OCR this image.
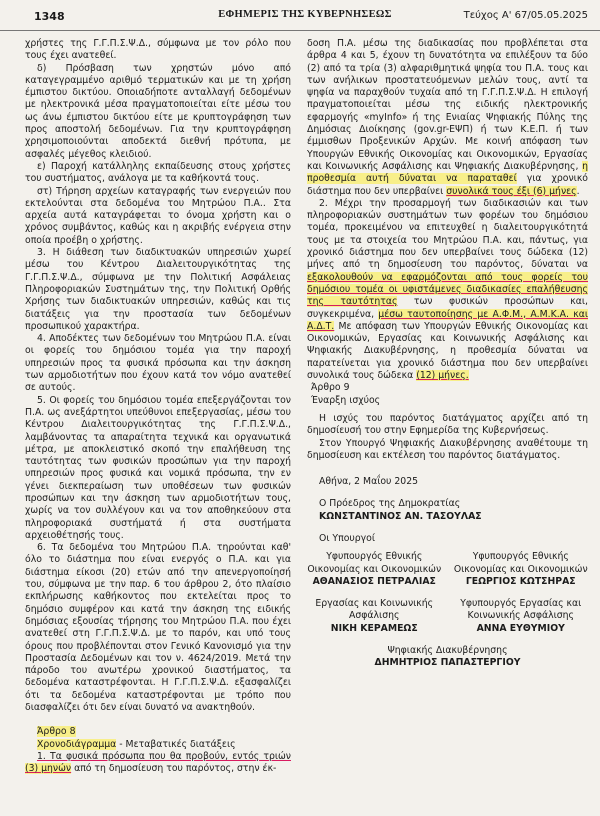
1348	ΕΦΗΜΕΡΙΣ ΤΗΣ ΚΥΒΕΡΝΗΣΕΩΣ	Τεύχος Α' 67/05.05.2025

χρήστες της Γ.Γ.Π.Σ.Ψ.Δ., σύμφωνα με τον ρόλο που τους έχει ανατεθεί.

δ) Πρόσβαση των χρηστών μόνο από καταγεγραμμένο αριθμό τερματικών και με τη χρήση έμπιστου δικτύου. Οποιαδήποτε ανταλλαγή δεδομένων με ηλεκτρονικά μέσα πραγματοποιείται είτε μέσω του ως άνω έμπιστου δικτύου είτε με κρυπτογράφηση των προς αποστολή δεδομένων. Για την κρυπτογράφηση χρησιμοποιούνται αποδεκτά διεθνή πρότυπα, με ασφαλές μέγεθος κλειδιού.

ε) Παροχή κατάλληλης εκπαίδευσης στους χρήστες του συστήματος, ανάλογα με τα καθήκοντά τους.

στ) Τήρηση αρχείων καταγραφής των ενεργειών που εκτελούνται στα δεδομένα του Μητρώου Π.Α.. Στα αρχεία αυτά καταγράφεται το όνομα χρήστη και ο χρόνος συμβάντος, καθώς και η ακριβής ενέργεια στην οποία προέβη ο χρήστης.

3. Η διάθεση των διαδικτυακών υπηρεσιών χωρεί μέσω του Κέντρου Διαλειτουργικότητας της Γ.Γ.Π.Σ.Ψ.Δ., σύμφωνα με την Πολιτική Ασφάλειας Πληροφοριακών Συστημάτων της, την Πολιτική Ορθής Χρήσης των διαδικτυακών υπηρεσιών, καθώς και τις διατάξεις για την προστασία των δεδομένων προσωπικού χαρακτήρα.

4. Αποδέκτες των δεδομένων του Μητρώου Π.Α. είναι οι φορείς του δημόσιου τομέα για την παροχή υπηρεσιών προς τα φυσικά πρόσωπα και την άσκηση των αρμοδιοτήτων που έχουν κατά τον νόμο ανατεθεί σε αυτούς.

5. Οι φορείς του δημόσιου τομέα επεξεργάζονται τον Π.Α. ως ανεξάρτητοι υπεύθυνοι επεξεργασίας, μέσω του Κέντρου Διαλειτουργικότητας της Γ.Γ.Π.Σ.Ψ.Δ., λαμβάνοντας τα απαραίτητα τεχνικά και οργανωτικά μέτρα, με αποκλειστικό σκοπό την επαλήθευση της ταυτότητας των φυσικών προσώπων για την παροχή υπηρεσιών προς φυσικά και νομικά πρόσωπα, την εν γένει διεκπεραίωση των υποθέσεων των φυσικών προσώπων και την άσκηση των αρμοδιοτήτων τους, χωρίς να τον συλλέγουν και να τον αποθηκεύουν στα πληροφοριακά συστήματά ή στα συστήματα αρχειοθέτησής τους.

6. Τα δεδομένα του Μητρώου Π.Α. τηρούνται καθ' όλο το διάστημα που είναι ενεργός ο Π.Α. και για διάστημα είκοσι (20) ετών από την απενεργοποίησή του, σύμφωνα με την παρ. 6 του άρθρου 2, ότο πλαίσιο εκπλήρωσης καθήκοντος που εκτελείται προς το δημόσιο συμφέρον και κατά την άσκηση της ειδικής δημόσιας εξουσίας τήρησης του Μητρώου Π.Α. που έχει ανατεθεί στη Γ.Γ.Π.Σ.Ψ.Δ. με το παρόν, και υπό τους όρους που προβλέπονται στον Γενικό Κανονισμό για την Προστασία Δεδομένων και τον ν. 4624/2019. Μετά την πάροδο του ανωτέρω χρονικού διαστήματος, τα δεδομένα καταστρέφονται. Η Γ.Γ.Π.Σ.Ψ.Δ. εξασφαλίζει ότι τα δεδομένα καταστρέφονται με τρόπο που διασφαλίζει ότι δεν είναι δυνατό να ανακτηθούν.

Άρθρο 8

Χρονοδιάγραμμα - Μεταβατικές διατάξεις

1. Τα φυσικά πρόσωπα που θα προβούν, εντός τριών (3) μηνών από τη δημοσίευση του παρόντος, στην έκ-

δοση Π.Α. μέσω της διαδικασίας που προβλέπεται στα άρθρα 4 και 5, έχουν τη δυνατότητα να επιλέξουν τα δύο (2) από τα τρία (3) αλφαριθμητικά ψηφία του Π.Α. τους και των ανήλικων προστατευόμενων μελών τους, αντί τα ψηφία να παραχθούν τυχαία από τη Γ.Γ.Π.Σ.Ψ.Δ. Η επιλογή πραγματοποιείται μέσω της ειδικής ηλεκτρονικής εφαρμογής «myInfo» ή της Ενιαίας Ψηφιακής Πύλης της Δημόσιας Διοίκησης (gov.gr-ΕΨΠ) ή των Κ.Ε.Π. ή των έμμισθων Προξενικών Αρχών. Με κοινή απόφαση των Υπουργών Εθνικής Οικονομίας και Οικονομικών, Εργασίας και Κοινωνικής Ασφάλισης και Ψηφιακής Διακυβέρνησης, η προθεσμία αυτή δύναται να παραταθεί για χρονικό διάστημα που δεν υπερβαίνει συνολικά τους έξι (6) μήνες.

2. Μέχρι την προσαρμογή των διαδικασιών και των πληροφοριακών συστημάτων των φορέων του δημόσιου τομέα, προκειμένου να επιτευχθεί η διαλειτουργικότητά τους με τα στοιχεία του Μητρώου Π.Α. και, πάντως, για χρονικό διάστημα που δεν υπερβαίνει τους δώδεκα (12) μήνες από τη δημοσίευση του παρόντος, δύναται να εξακολουθούν να εφαρμόζονται από τους φορείς του δημόσιου τομέα οι υφιστάμενες διαδικασίες επαλήθευσης της ταυτότητας των φυσικών προσώπων και, συγκεκριμένα, μέσω ταυτοποίησης με Α.Φ.Μ., Α.Μ.Κ.Α. και Α.Δ.Τ. Με απόφαση των Υπουργών Εθνικής Οικονομίας και Οικονομικών, Εργασίας και Κοινωνικής Ασφάλισης και Ψηφιακής Διακυβέρνησης, η προθεσμία δύναται να παρατείνεται για χρονικό διάστημα που δεν υπερβαίνει συνολικά τους δώδεκα (12) μήνες.

Άρθρο 9

Έναρξη ισχύος

Η ισχύς του παρόντος διατάγματος αρχίζει από τη δημοσίευσή του στην Εφημερίδα της Κυβερνήσεως.

Στον Υπουργό Ψηφιακής Διακυβέρνησης αναθέτουμε τη δημοσίευση και εκτέλεση του παρόντος διατάγματος.

Αθήνα, 2 Μαΐου 2025

Ο Πρόεδρος της Δημοκρατίας

ΚΩΝΣΤΑΝΤΙΝΟΣ ΑΝ. ΤΑΣΟΥΛΑΣ

Οι Υπουργοί

Υφυπουργός Εθνικής Οικονομίας και Οικονομικών
ΑΘΑΝΑΣΙΟΣ ΠΕΤΡΑΛΙΑΣ
Υφυπουργός Εθνικής Οικονομίας και Οικονομικών
ΓΕΩΡΓΙΟΣ ΚΩΤΣΗΡΑΣ
Εργασίας και Κοινωνικής Ασφάλισης
ΝΙΚΗ ΚΕΡΑΜΕΩΣ
Υφυπουργός Εργασίας και Κοινωνικής Ασφάλισης
ΑΝΝΑ ΕΥΘΥΜΙΟΥ
Ψηφιακής Διακυβέρνησης
ΔΗΜΗΤΡΙΟΣ ΠΑΠΑΣΤΕΡΓΙΟΥ
